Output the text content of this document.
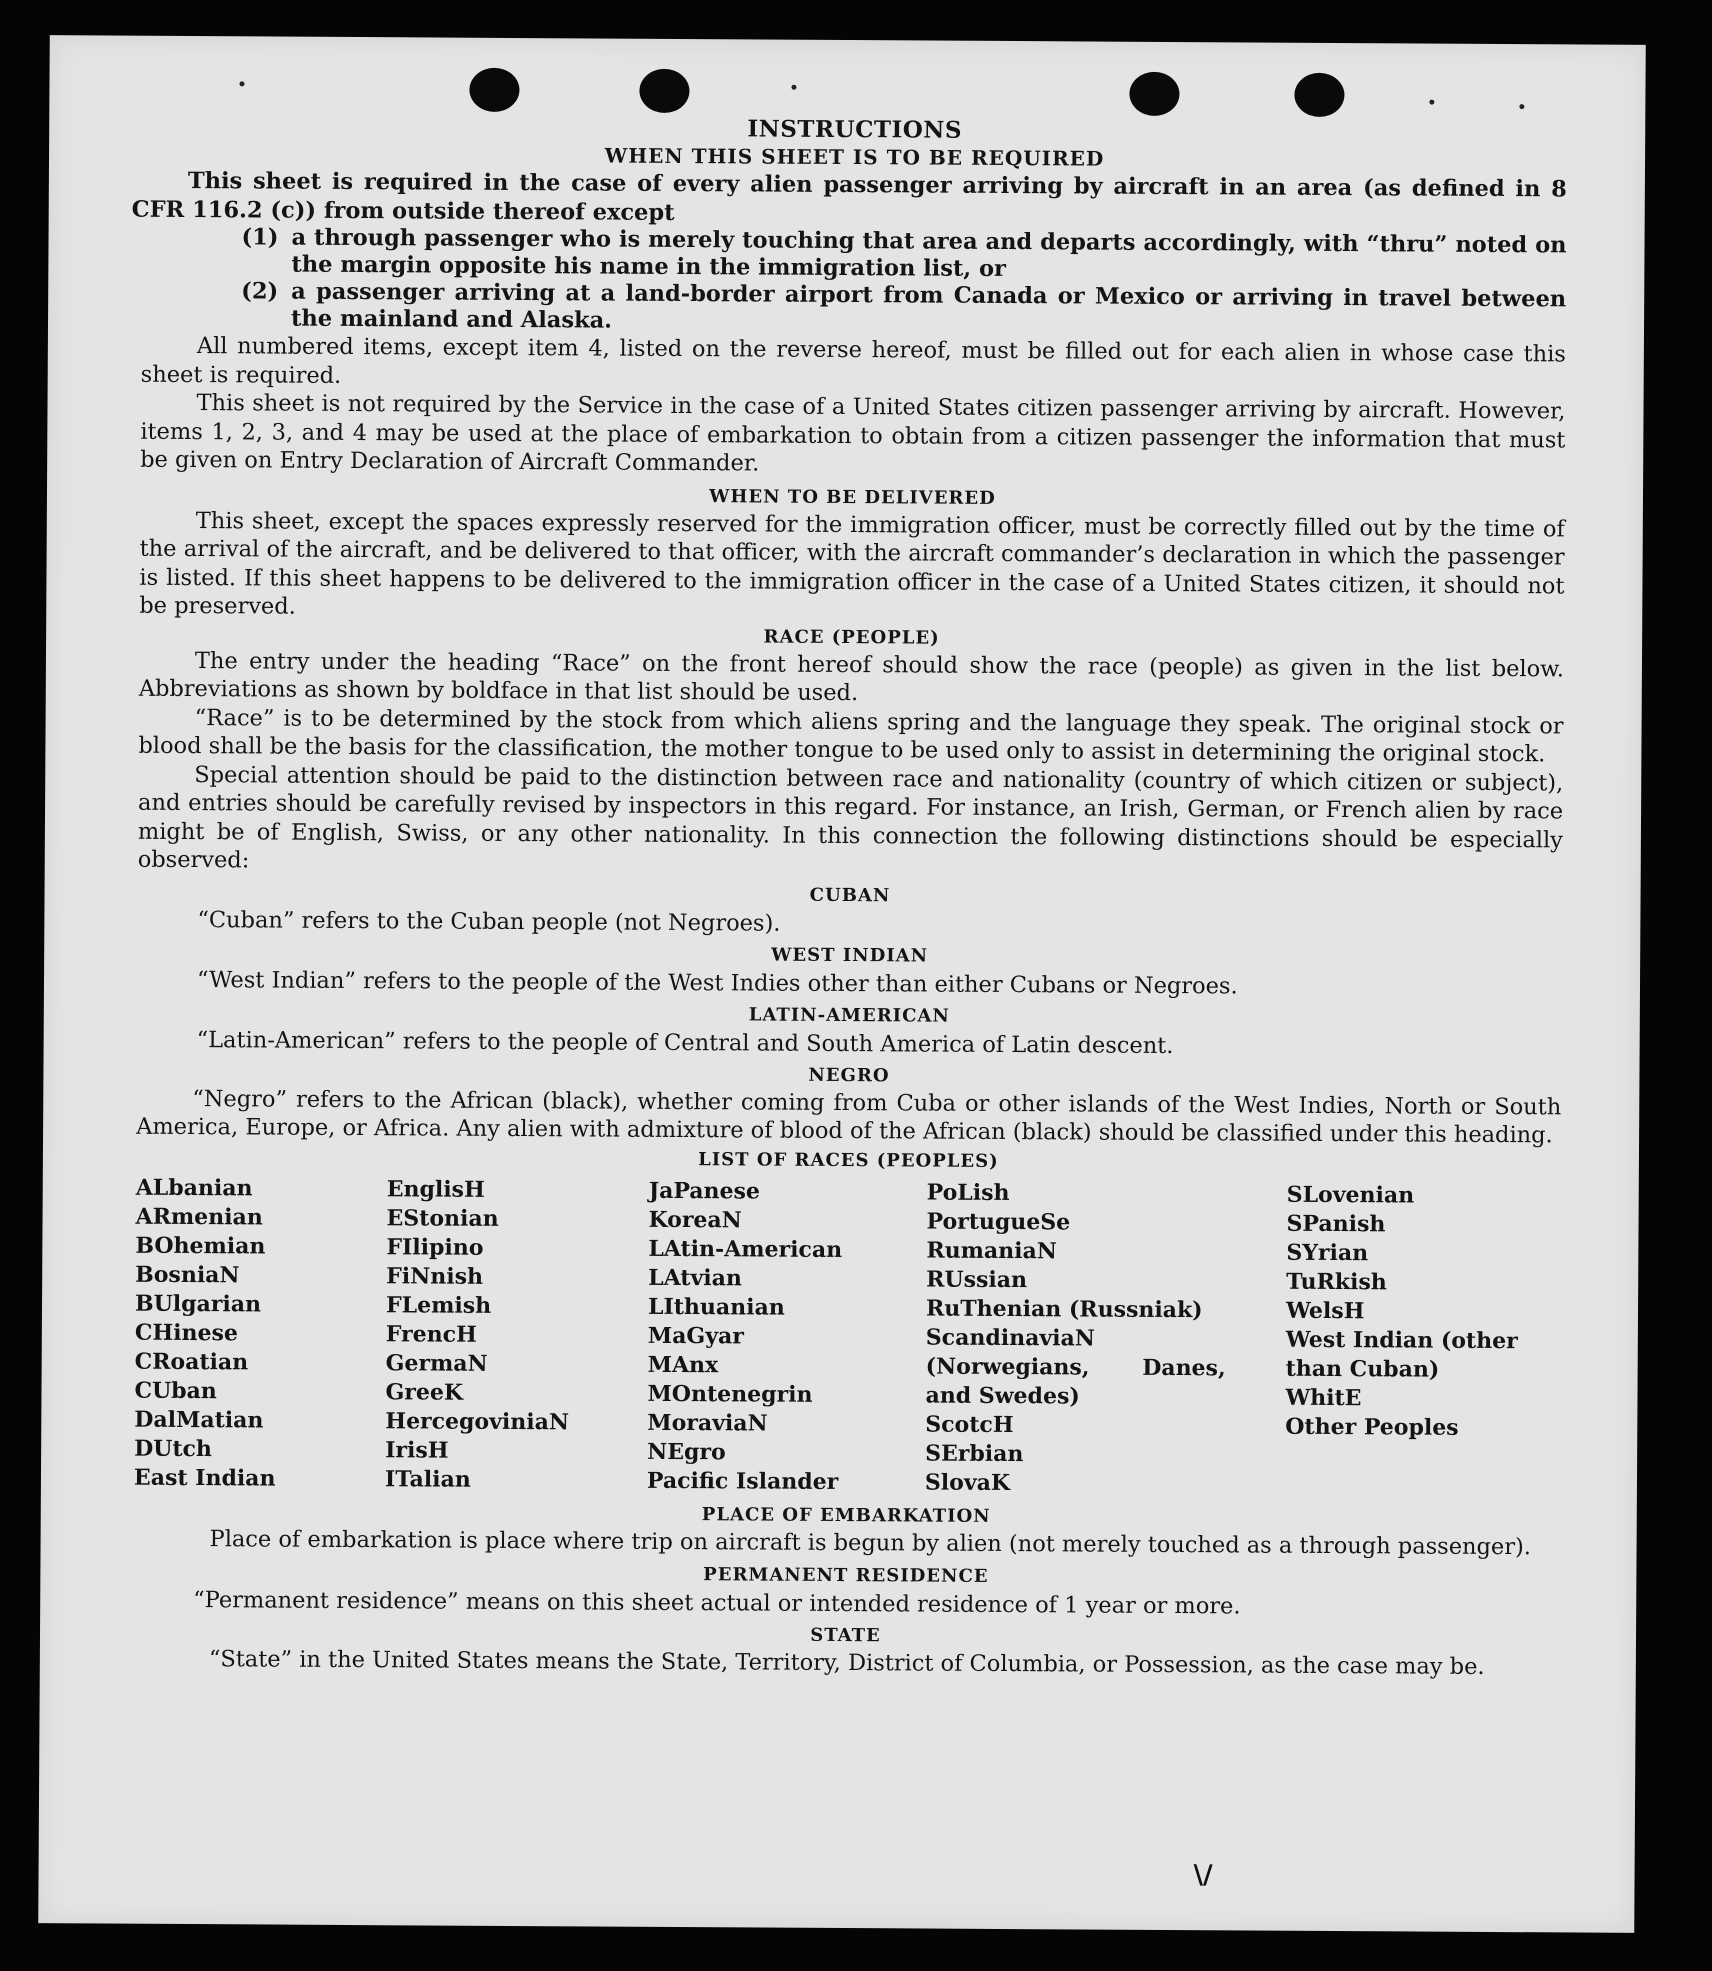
INSTRUCTIONS
WHEN THIS SHEET IS TO BE REQUIRED

This sheet is required in the case of every alien passenger arriving by aircraft in an area (as defined in 8 CFR 116.2 (c)) from outside thereof except

(1) a through passenger who is merely touching that area and departs accordingly, with “thru” noted on the margin opposite his name in the immigration list, or
(2) a passenger arriving at a land-border airport from Canada or Mexico or arriving in travel between the mainland and Alaska.

All numbered items, except item 4, listed on the reverse hereof, must be filled out for each alien in whose case this sheet is required.

This sheet is not required by the Service in the case of a United States citizen passenger arriving by aircraft. However, items 1, 2, 3, and 4 may be used at the place of embarkation to obtain from a citizen passenger the information that must be given on Entry Declaration of Aircraft Commander.

WHEN TO BE DELIVERED

This sheet, except the spaces expressly reserved for the immigration officer, must be correctly filled out by the time of the arrival of the aircraft, and be delivered to that officer, with the aircraft commander’s declaration in which the passenger is listed. If this sheet happens to be delivered to the immigration officer in the case of a United States citizen, it should not be preserved.

RACE (PEOPLE)

The entry under the heading “Race” on the front hereof should show the race (people) as given in the list below. Abbreviations as shown by boldface in that list should be used.

“Race” is to be determined by the stock from which aliens spring and the language they speak. The original stock or blood shall be the basis for the classification, the mother tongue to be used only to assist in determining the original stock.

Special attention should be paid to the distinction between race and nationality (country of which citizen or subject), and entries should be carefully revised by inspectors in this regard. For instance, an Irish, German, or French alien by race might be of English, Swiss, or any other nationality. In this connection the following distinctions should be especially observed:

CUBAN

“Cuban” refers to the Cuban people (not Negroes).

WEST INDIAN

“West Indian” refers to the people of the West Indies other than either Cubans or Negroes.

LATIN-AMERICAN

“Latin-American” refers to the people of Central and South America of Latin descent.

NEGRO

“Negro” refers to the African (black), whether coming from Cuba or other islands of the West Indies, North or South America, Europe, or Africa. Any alien with admixture of blood of the African (black) should be classified under this heading.

LIST OF RACES (PEOPLES)
ALbanian
ARmenian
BOhemian
BosniaN
BUlgarian
CHinese
CRoatian
CUban
DalMatian
DUtch
East Indian
EnglisH
EStonian
FIlipino
FiNnish
FLemish
FrencH
GermaN
GreeK
HercegoviniaN
IrisH
ITalian
JaPanese
KoreaN
LAtin-American
LAtvian
LIthuanian
MaGyar
MAnx
MOntenegrin
MoraviaN
NEgro
Pacific Islander
PoLish
PortugueSe
RumaniaN
RUssian
RuThenian (Russniak)
ScandinaviaN (Norwegians, Danes, and Swedes)
ScotcH
SErbian
SlovaK
SLovenian
SPanish
SYrian
TuRkish
WelsH
West Indian (other than Cuban)
WhitE
Other Peoples
PLACE OF EMBARKATION

Place of embarkation is place where trip on aircraft is begun by alien (not merely touched as a through passenger).

PERMANENT RESIDENCE

“Permanent residence” means on this sheet actual or intended residence of 1 year or more.

STATE

“State” in the United States means the State, Territory, District of Columbia, or Possession, as the case may be.

\/
